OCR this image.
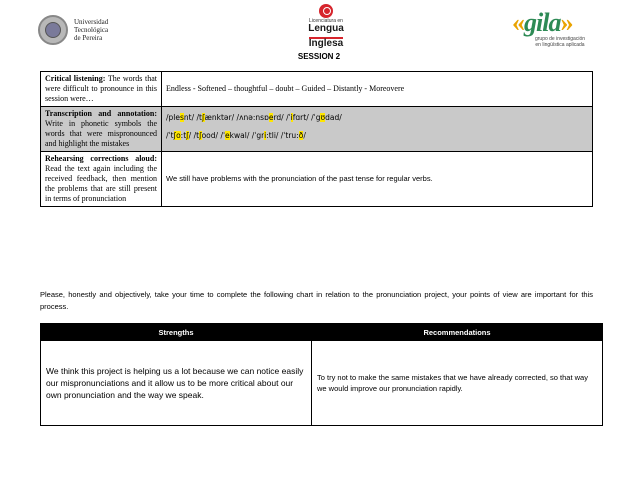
Universidad
Tecnológica
de Pereira
Licenciatura en
Lengua
Inglesa
«gila»
grupo de investigación
en lingüística aplicada
SESSION 2
Critical listening: The words that were difficult to pronounce in this session were…	Endless - Softened – thoughtful – doubt – Guided – Distantly - Moreovere
Transcription and annotation: Write in phonetic symbols the words that were mispronounced and highlight the mistakes	/plesnt/ /tʃænktər/ /ʌnə:nsɒerd/ /ˈifɑrt/ /ˈgʊdad/
/ˈtʃo:tʃ/ /tʃood/ /ˈekwal/ /ˈgri:tli/ /ˈtru:ð/

Rehearsing corrections aloud: Read the text again including the received feedback, then mention the problems that are still present in terms of pronunciation	We still have problems with the pronunciation of the past tense for regular verbs.
Please, honestly and objectively, take your time to complete the following chart in relation to the pronunciation project, your points of view are important for this process.
Strengths	Recommendations
We think this project is helping us a lot because we can notice easily our mispronunciations and it allow us to be more critical about our own pronunciation and the way we speak.	To try not to make the same mistakes that we have already corrected, so that way we would improve our pronunciation rapidly.
